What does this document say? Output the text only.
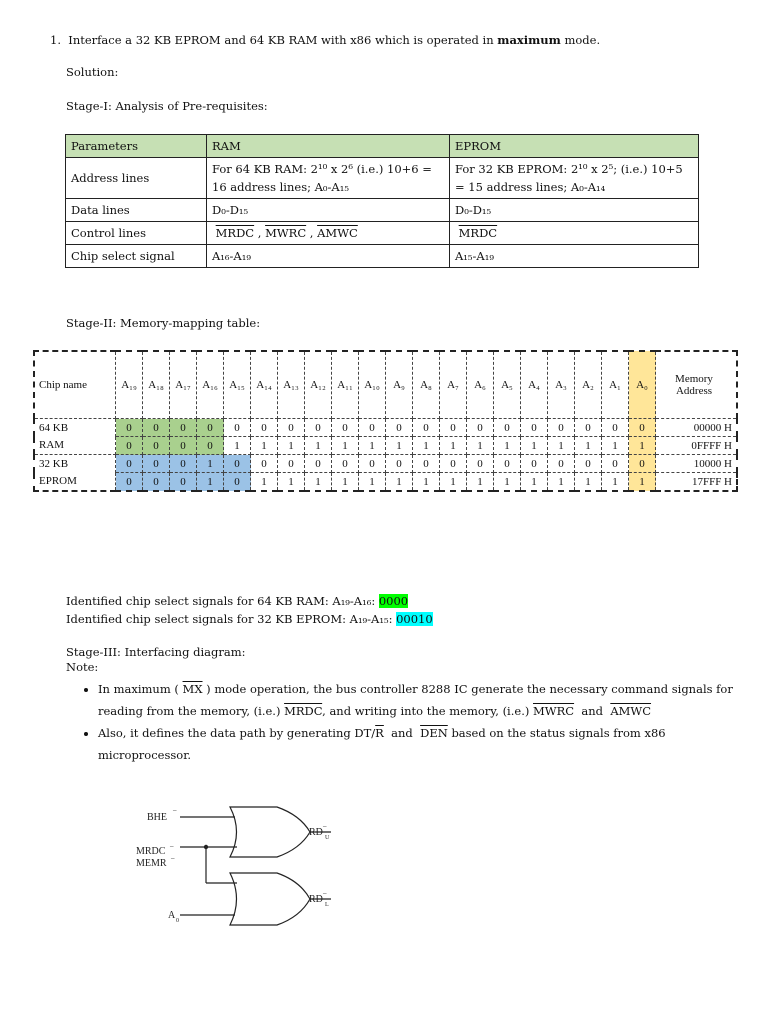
1. Interface a 32 KB EPROM and 64 KB RAM with x86 which is operated in maximum mode.
Solution:
Stage-I: Analysis of Pre-requisites:
Parameters	RAM	EPROM
Address lines	For 64 KB RAM: 2¹⁰ x 2⁶ (i.e.) 10+6 = 16 address lines; A₀-A₁₅	For 32 KB EPROM: 2¹⁰ x 2⁵; (i.e.) 10+5 = 15 address lines; A₀-A₁₄
Data lines	D₀-D₁₅	D₀-D₁₅
Control lines	MRDC , MWRC , AMWC	MRDC
Chip select signal	A₁₆-A₁₉	A₁₅-A₁₉
Stage-II: Memory-mapping table:
Chip name	A₁₉	A₁₈	A₁₇	A₁₆	A₁₅	A₁₄	A₁₃	A₁₂	A₁₁	A₁₀	A₉	A₈	A₇	A₆	A₅	A₄	A₃	A₂	A₁	A₀	Memory
Address

64 KB	0	0	0	0	0	0	0	0	0	0	0	0	0	0	0	0	0	0	0	0	00000 H
RAM	0	0	0	0	1	1	1	1	1	1	1	1	1	1	1	1	1	1	1	1	0FFFF H
32 KB	0	0	0	1	0	0	0	0	0	0	0	0	0	0	0	0	0	0	0	0	10000 H
EPROM	0	0	0	1	0	1	1	1	1	1	1	1	1	1	1	1	1	1	1	1	17FFF H
Identified chip select signals for 64 KB RAM: A₁₉-A₁₆: 0000
Identified chip select signals for 32 KB EPROM: A₁₉-A₁₅: 00010
Stage-III: Interfacing diagram:
Note:
• In maximum ( $\overline{MX}$ ) mode operation, the bus controller 8288 IC generate the necessary command signals for reading from the memory, (i.e.) MRDC, and writing into the memory, (i.e.) MWRC and AMWC
• Also, it defines the data path by generating $DT/\overline{R}$ and $\overline{DEN}$ based on the status signals from x86 microprocessor.
BHE
MRDC
MEMR
A 0
RD U
RD L
–
–
–
–
–
